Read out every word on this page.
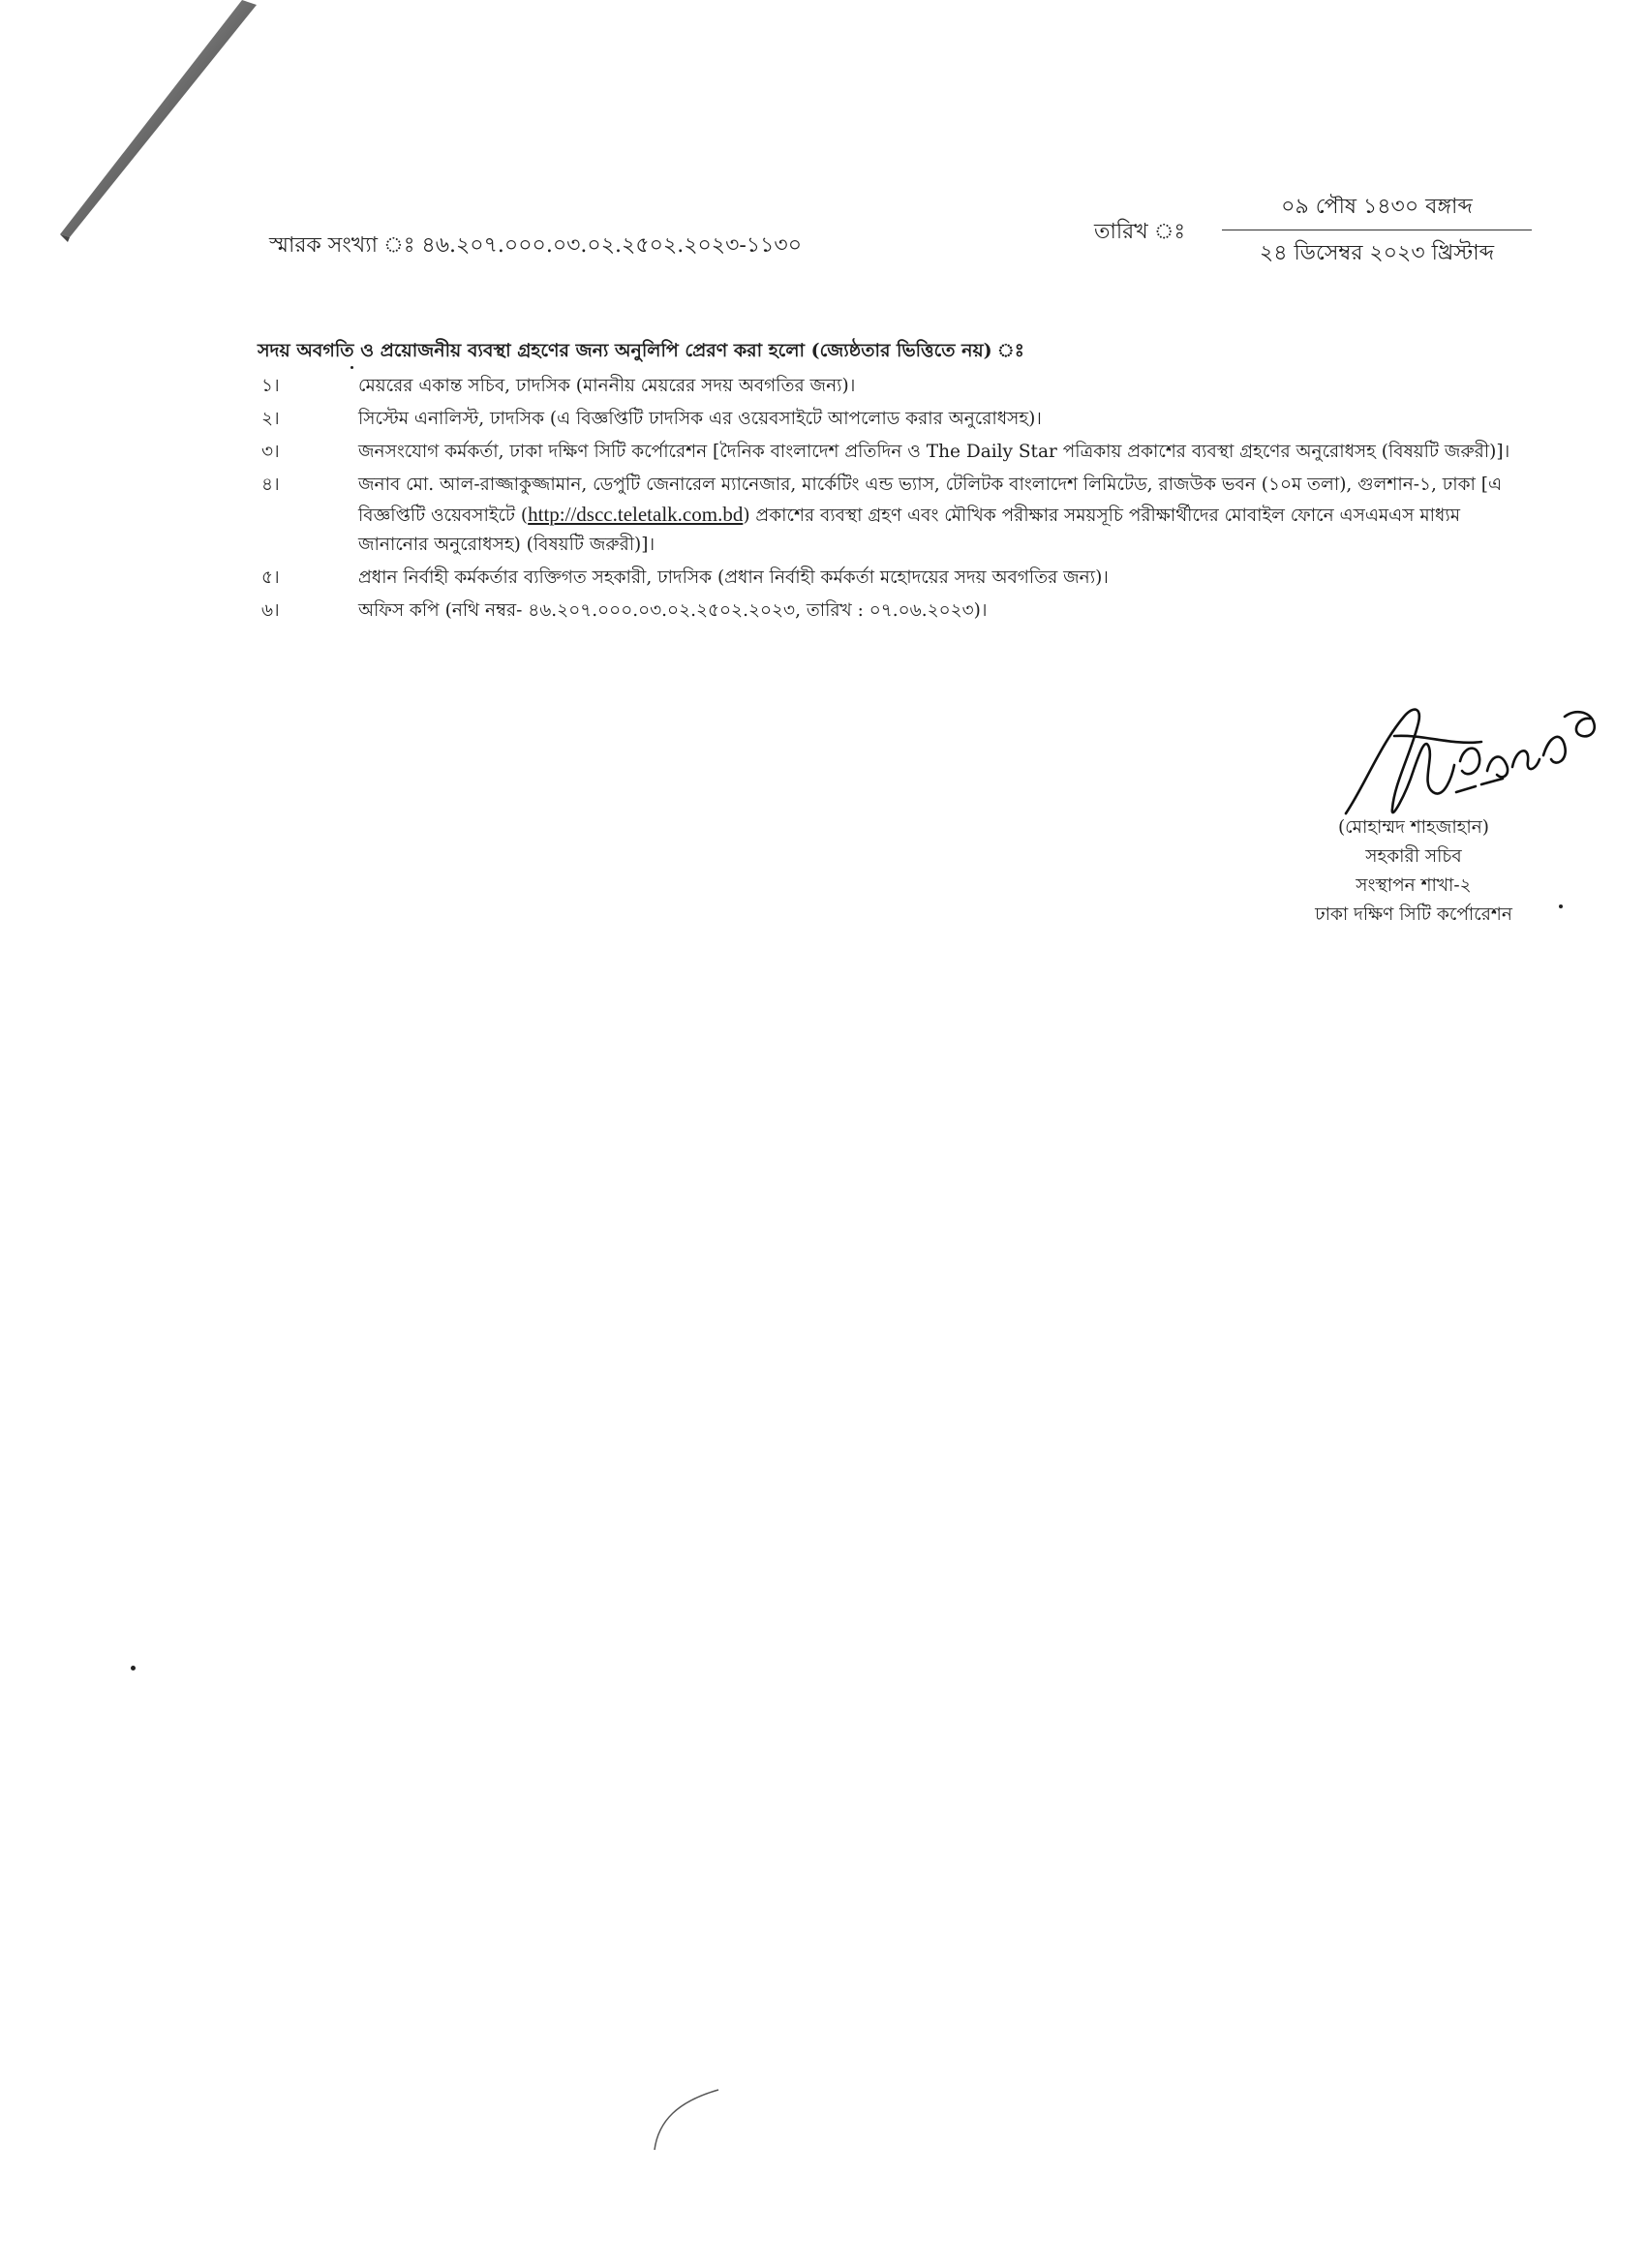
স্মারক সংখ্যা ঃ ৪৬.২০৭.০০০.০৩.০২.২৫০২.২০২৩-১১৩০
তারিখ ঃ
০৯ পৌষ ১৪৩০ বঙ্গাব্দ
২৪ ডিসেম্বর ২০২৩ খ্রিস্টাব্দ
সদয় অবগতি ও প্রয়োজনীয় ব্যবস্থা গ্রহণের জন্য অনুলিপি প্রেরণ করা হলো (জ্যেষ্ঠতার ভিত্তিতে নয়) ঃ
১।	মেয়রের একান্ত সচিব, ঢাদসিক (মাননীয় মেয়রের সদয় অবগতির জন্য)।
২।	সিস্টেম এনালিস্ট, ঢাদসিক (এ বিজ্ঞপ্তিটি ঢাদসিক এর ওয়েবসাইটে আপলোড করার অনুরোধসহ)।
৩।	জনসংযোগ কর্মকর্তা, ঢাকা দক্ষিণ সিটি কর্পোরেশন [দৈনিক বাংলাদেশ প্রতিদিন ও The Daily Star পত্রিকায় প্রকাশের ব্যবস্থা গ্রহণের অনুরোধসহ (বিষয়টি জরুরী)]।
৪।	জনাব মো. আল-রাজ্জাকুজ্জামান, ডেপুটি জেনারেল ম্যানেজার, মার্কেটিং এন্ড ভ্যাস, টেলিটক বাংলাদেশ লিমিটেড, রাজউক ভবন (১০ম তলা), গুলশান-১, ঢাকা [এ বিজ্ঞপ্তিটি ওয়েবসাইটে (http://dscc.teletalk.com.bd) প্রকাশের ব্যবস্থা গ্রহণ এবং মৌখিক পরীক্ষার সময়সূচি পরীক্ষার্থীদের মোবাইল ফোনে এসএমএস মাধ্যম জানানোর অনুরোধসহ) (বিষয়টি জরুরী)]।
৫।	প্রধান নির্বাহী কর্মকর্তার ব্যক্তিগত সহকারী, ঢাদসিক (প্রধান নির্বাহী কর্মকর্তা মহোদয়ের সদয় অবগতির জন্য)।
৬।	অফিস কপি (নথি নম্বর- ৪৬.২০৭.০০০.০৩.০২.২৫০২.২০২৩, তারিখ : ০৭.০৬.২০২৩)।
(মোহাম্মদ শাহজাহান)
সহকারী সচিব
সংস্থাপন শাখা-২
ঢাকা দক্ষিণ সিটি কর্পোরেশন
